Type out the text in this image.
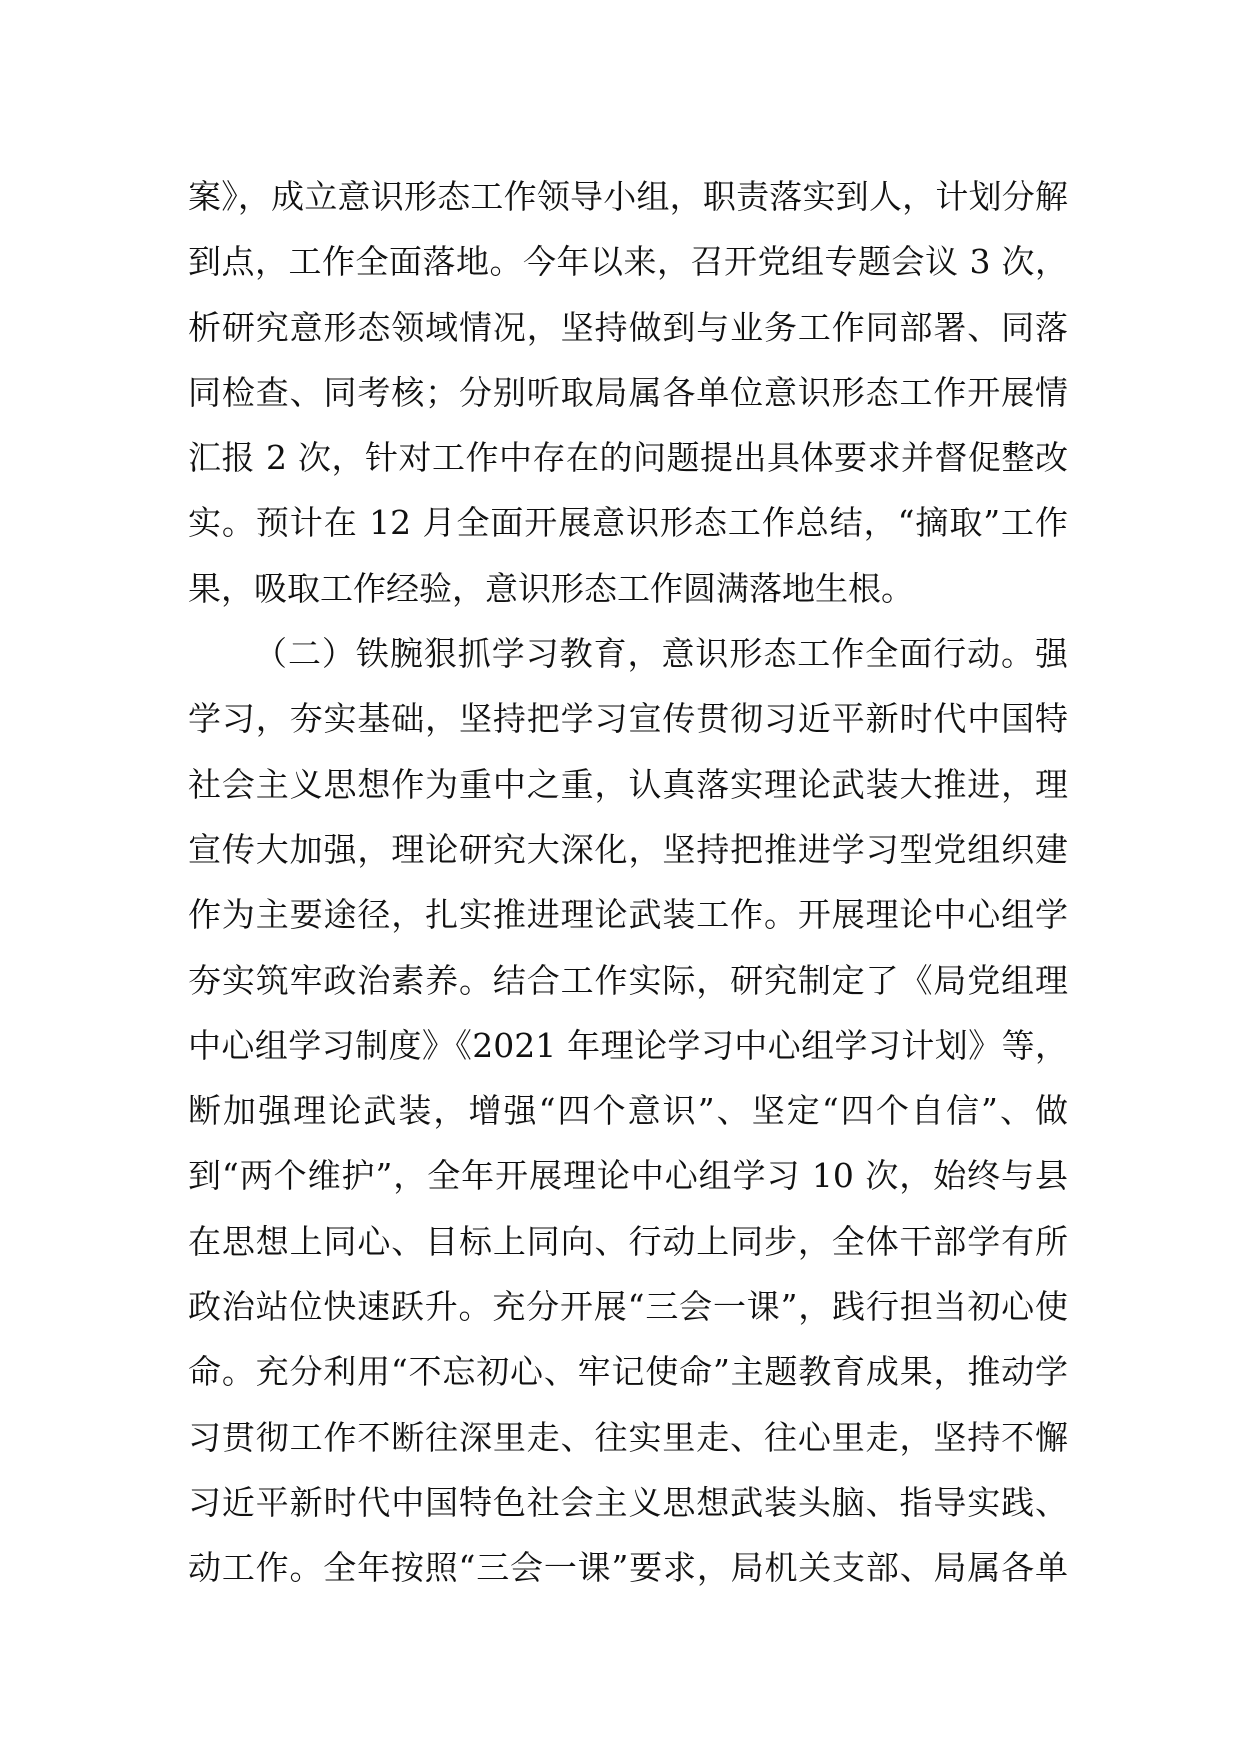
案》，成立意识形态工作领导小组，职责落实到人，计划分解
到点，工作全面落地。今年以来，召开党组专题会议 3 次，
析研究意形态领域情况，坚持做到与业务工作同部署、同落
同检查、同考核；分别听取局属各单位意识形态工作开展情
汇报 2 次，针对工作中存在的问题提出具体要求并督促整改
实。预计在 12 月全面开展意识形态工作总结，“摘取”工作
果，吸取工作经验，意识形态工作圆满落地生根。
（二）铁腕狠抓学习教育，意识形态工作全面行动。强
学习，夯实基础，坚持把学习宣传贯彻习近平新时代中国特
社会主义思想作为重中之重，认真落实理论武装大推进，理
宣传大加强，理论研究大深化，坚持把推进学习型党组织建
作为主要途径，扎实推进理论武装工作。开展理论中心组学
夯实筑牢政治素养。结合工作实际，研究制定了《局党组理
中心组学习制度》《2021 年理论学习中心组学习计划》等，
断加强理论武装，增强“四个意识”、坚定“四个自信”、做
到“两个维护”，全年开展理论中心组学习 10 次，始终与县
在思想上同心、目标上同向、行动上同步，全体干部学有所
政治站位快速跃升。充分开展“三会一课”，践行担当初心使
命。充分利用“不忘初心、牢记使命”主题教育成果，推动学
习贯彻工作不断往深里走、往实里走、往心里走，坚持不懈
习近平新时代中国特色社会主义思想武装头脑、指导实践、
动工作。全年按照“三会一课”要求，局机关支部、局属各单
